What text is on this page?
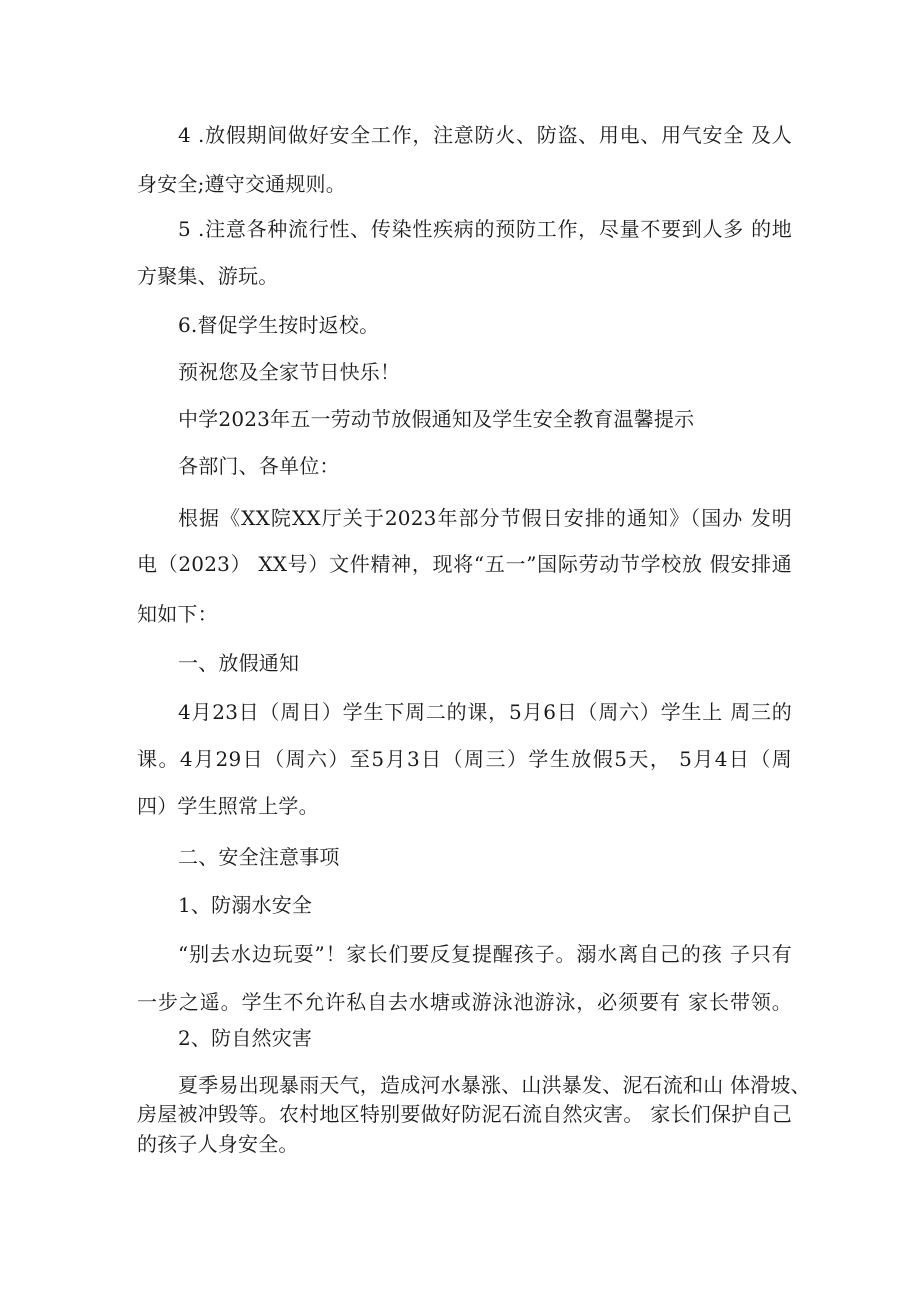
4 .放假期间做好安全工作，注意防火、防盗、用电、用气安全 及人
身安全;遵守交通规则。
5 .注意各种流行性、传染性疾病的预防工作，尽量不要到人多 的地
方聚集、游玩。
6.督促学生按时返校。
预祝您及全家节日快乐！
中学2023年五一劳动节放假通知及学生安全教育温馨提示
各部门、各单位：
根据《XX院XX厅关于2023年部分节假日安排的通知》（国办 发明
电（2023） XX号）文件精神，现将“五一”国际劳动节学校放 假安排通
知如下：
一、放假通知
4月23日（周日）学生下周二的课，5月6日（周六）学生上 周三的
课。4月29日（周六）至5月3日（周三）学生放假5天， 5月4日（周
四）学生照常上学。
二、安全注意事项
1、防溺水安全
“别去水边玩耍”！家长们要反复提醒孩子。溺水离自己的孩 子只有
一步之遥。学生不允许私自去水塘或游泳池游泳，必须要有 家长带领。
2、防自然灾害
夏季易出现暴雨天气，造成河水暴涨、山洪暴发、泥石流和山 体滑坡、
房屋被冲毁等。农村地区特别要做好防泥石流自然灾害。 家长们保护自己
的孩子人身安全。
